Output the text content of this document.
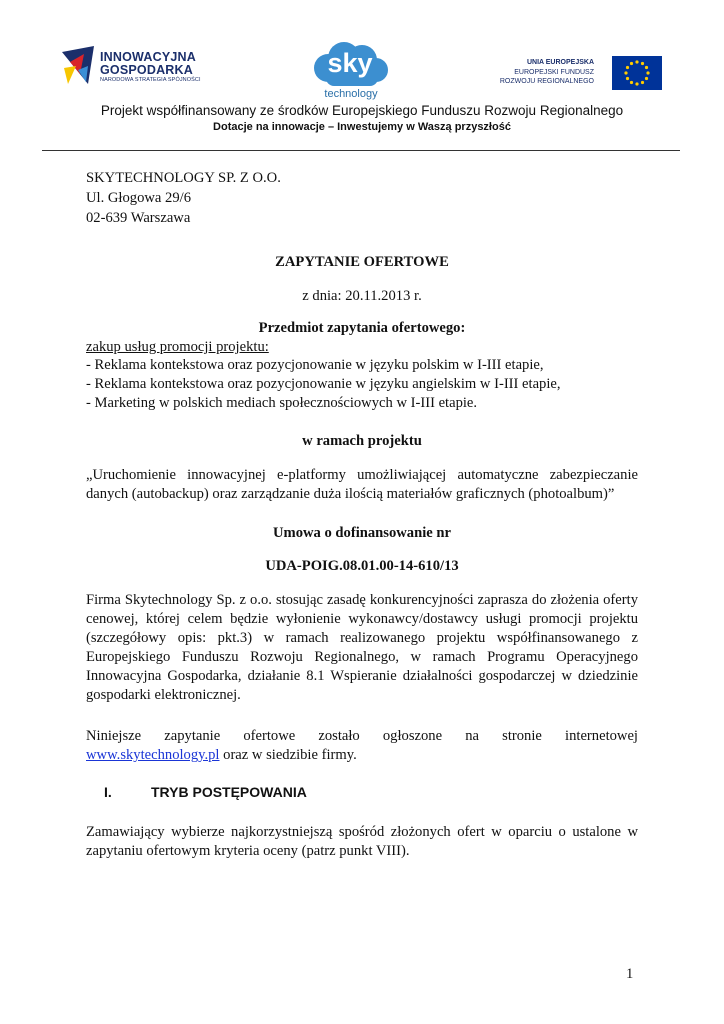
INNOWACYJNA
GOSPODARKA
NARODOWA STRATEGIA SPÓJNOŚCI
sky
technology
UNIA EUROPEJSKA
EUROPEJSKI FUNDUSZ
ROZWOJU REGIONALNEGO
Projekt współfinansowany ze środków Europejskiego Funduszu Rozwoju Regionalnego
Dotacje na innowacje – Inwestujemy w Waszą przyszłość
SKYTECHNOLOGY SP. Z O.O.
Ul. Głogowa 29/6
02-639 Warszawa
ZAPYTANIE OFERTOWE
z dnia: 20.11.2013 r.
Przedmiot zapytania ofertowego:
zakup usług promocji projektu:
- Reklama kontekstowa oraz pozycjonowanie w języku polskim w I-III etapie,
- Reklama kontekstowa oraz pozycjonowanie w języku angielskim w I-III etapie,
- Marketing w polskich mediach społecznościowych w I-III etapie.
w ramach projektu
„Uruchomienie innowacyjnej e-platformy umożliwiającej automatyczne zabezpieczanie
danych (autobackup) oraz zarządzanie duża ilością materiałów graficznych (photoalbum)”
Umowa o dofinansowanie nr
UDA-POIG.08.01.00-14-610/13
Firma Skytechnology Sp. z o.o. stosując zasadę konkurencyjności zaprasza do złożenia oferty
cenowej, której celem będzie wyłonienie wykonawcy/dostawcy usługi promocji projektu
(szczegółowy opis: pkt.3) w ramach realizowanego projektu współfinansowanego z
Europejskiego Funduszu Rozwoju Regionalnego, w ramach Programu Operacyjnego
Innowacyjna Gospodarka, działanie 8.1 Wspieranie działalności gospodarczej w dziedzinie
gospodarki elektronicznej.
Niniejsze zapytanie ofertowe zostało ogłoszone na stronie internetowej
www.skytechnology.pl oraz w siedzibie firmy.
I.	TRYB POSTĘPOWANIA
Zamawiający wybierze najkorzystniejszą spośród złożonych ofert w oparciu o ustalone w
zapytaniu ofertowym kryteria oceny (patrz punkt VIII).
1
